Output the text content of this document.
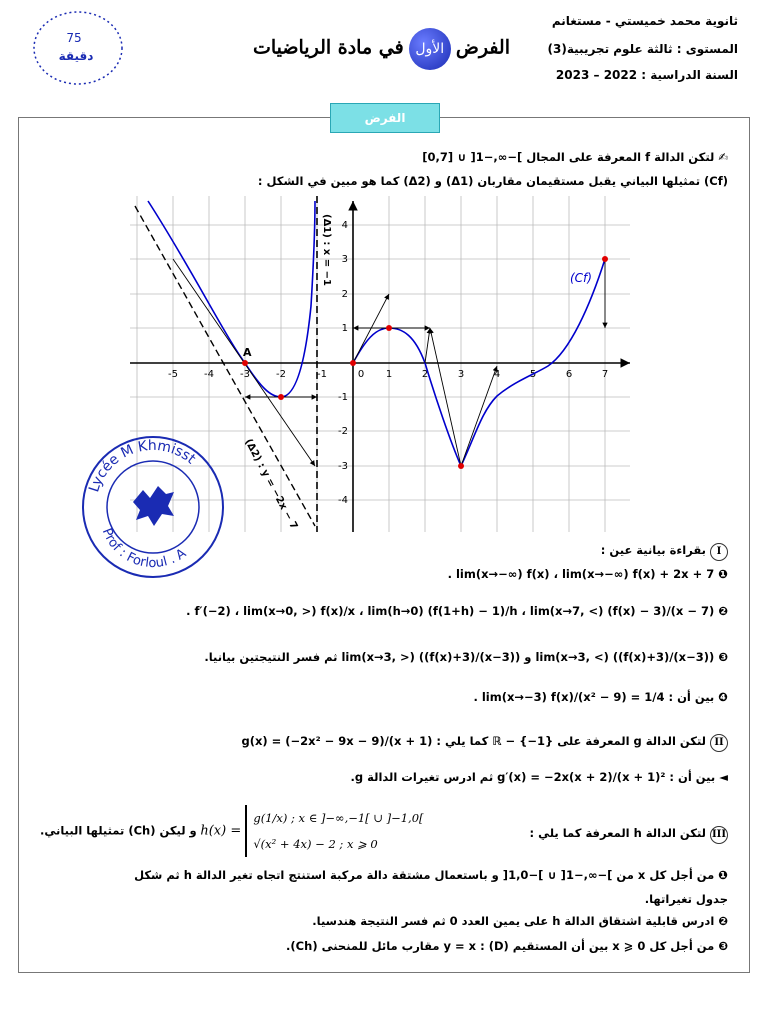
ثانوية محمد خميستي - مستغانم
المستوى : ثالثة علوم تجريبية(3)
السنة الدراسية : 2022 – 2023
الفرض الأول في مادة الرياضيات
75
دقيقة
الفرض
✍ لتكن الدالة f المعرفة على المجال ]−∞,−1[ ∪ [0,7]
(Cf) تمثيلها البياني يقبل مستقيمان مقاربان (Δ1) و (Δ2) كما هو مبين في الشكل :
-5	-4	-3	-2	-1	0 1	2	3	4	5	6	7
4
3
2
1
-1
-2
-3
-4
(Δ1) : x = −1
(Δ2) : y = −2x − 7
(Cf)
A
Lycée M Khmisst
Prof : Forloul . A	I بقراءة بيانية عين :
❶ lim(x→−∞) f(x) ، lim(x→−∞) f(x) + 2x + 7 .
❷ f′(−2) ، lim(x→0, >) f(x)/x ، lim(h→0) (f(1+h) − 1)/h ، lim(x→7, <) (f(x) − 3)/(x − 7) .
❸ lim(x→3, <) ((f(x)+3)/(x−3)) و lim(x→3, >) ((f(x)+3)/(x−3)) ثم فسر النتيجتين بيانيا.
❹ بين أن : lim(x→−3) f(x)/(x² − 9) = 1/4 .
II لتكن الدالة g المعرفة على ℝ − {−1} كما يلي : g(x) = (−2x² − 9x − 9)/(x + 1)
◄ بين أن : g′(x) = −2x(x + 2)/(x + 1)² ثم ادرس تغيرات الدالة g.
III لتكن الدالة h المعرفة كما يلي :
و ليكن (Ch) تمثيلها البياني. h(x) =
g(1/x) ; x ∈ ]−∞,−1[ ∪ ]−1,0[
√(x² + 4x) − 2 ; x ⩾ 0
❶ من أجل كل x من ]−∞,−1[ ∪ ]−1,0[ و باستعمال مشتقة دالة مركبة استنتج اتجاه تغير الدالة h ثم شكل
جدول تغيراتها.
❷ ادرس قابلية اشتقاق الدالة h على يمين العدد 0 ثم فسر النتيجة هندسيا.
❸ من أجل كل x ⩾ 0 بين أن المستقيم (D) : y = x مقارب مائل للمنحنى (Ch).
